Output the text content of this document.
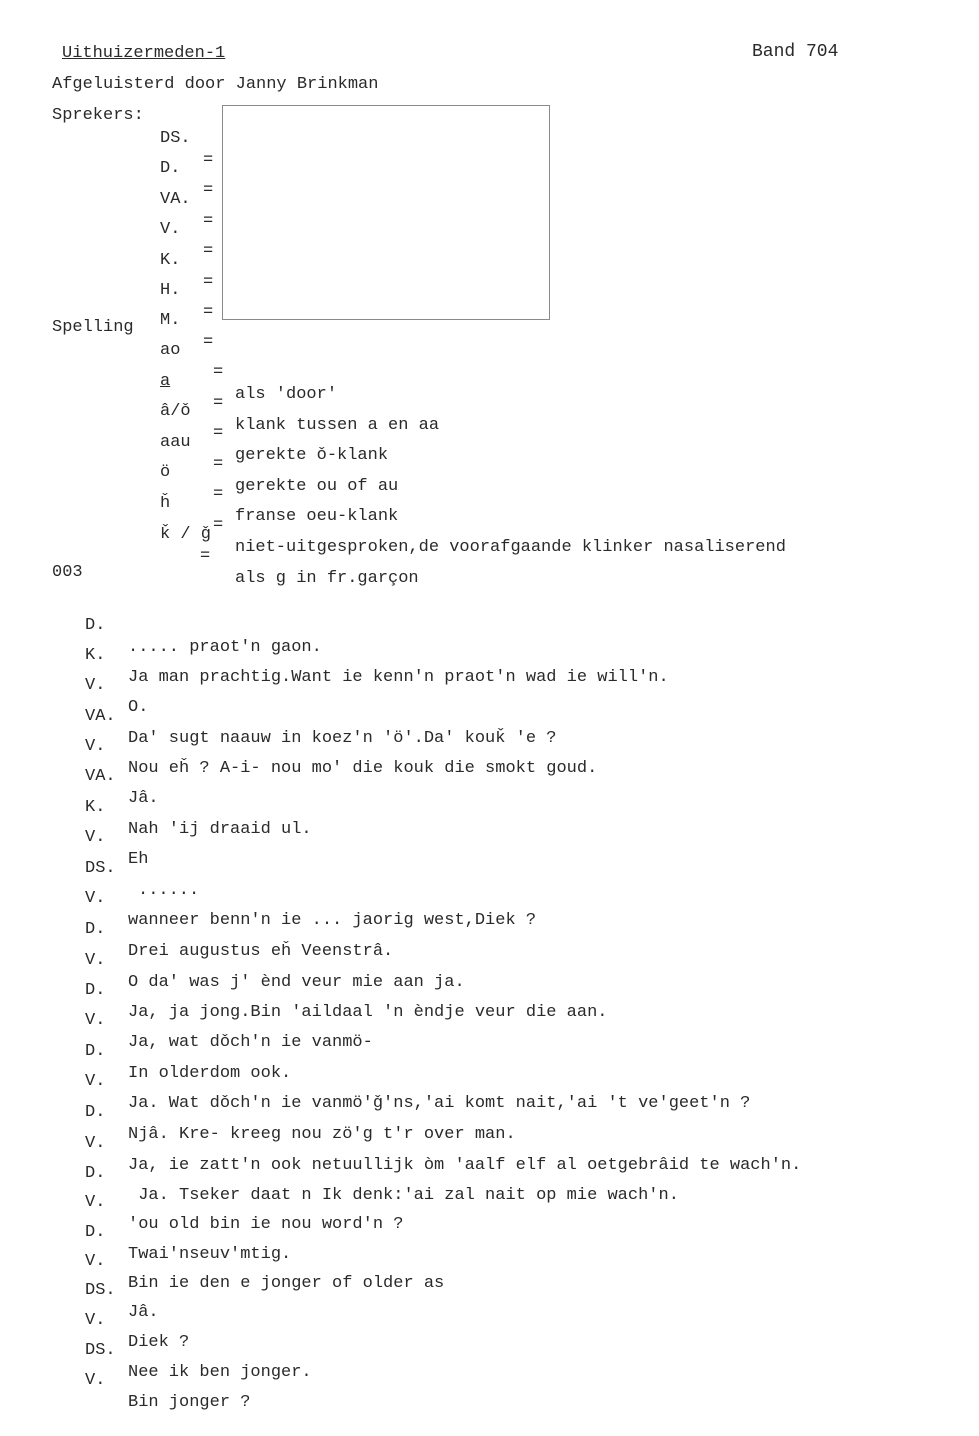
Uithuizermeden-1	Band 704
Afgeluisterd door Janny Brinkman
Sprekers:

DS.

=

D.

=

VA.

=

V.

=

K.

=

H.

=

M.

=

Spelling

ao

=

als 'door'

a

=

klank tussen a en aa

â/ǒ

=

gerekte ǒ-klank

aau

=

gerekte ou of au

ö

=

franse oeu-klank

ȟ

=

niet-uitgesproken,de voorafgaande klinker nasaliserend

ǩ / ǧ

=

als g in fr.garçon

003

D.

..... praot'n gaon.

K.

Ja man prachtig.Want ie kenn'n praot'n wad ie will'n.

V.

O.

VA.

Da' sugt naauw in koez'n 'ö'.Da' kouǩ 'e ?

V.

Nou eȟ ? A-i- nou mo' die kouk die smokt goud.

VA.

Jâ.

K.

Nah 'ij draaid ul.

V.

Eh

DS.

......

V.

wanneer benn'n ie ... jaorig west,Diek ?

D.

Drei augustus eȟ Veenstrâ.

V.

O da' was j' ènd veur mie aan ja.

D.

Ja, ja jong.Bin 'aildaal 'n èndje veur die aan.

V.

Ja, wat dǒch'n ie vanmö-

D.

In olderdom ook.

V.

Ja. Wat dǒch'n ie vanmö'ǧ'ns,'ai komt nait,'ai 't ve'geet'n ?

D.

Njâ. Kre- kreeg nou zö'g t'r over man.

V.

Ja, ie zatt'n ook netuullijk òm 'aalf elf al oetgebrâid te wach'n.

D.

Ja. Tseker daat n Ik denk:'ai zal nait op mie wach'n.

V.

'ou old bin ie nou word'n ?

D.

Twai'nseuv'mtig.

V.

Bin ie den e jonger of older as

DS.

Jâ.

V.

Diek ?

DS.

Nee ik ben jonger.

V.

Bin jonger ?
